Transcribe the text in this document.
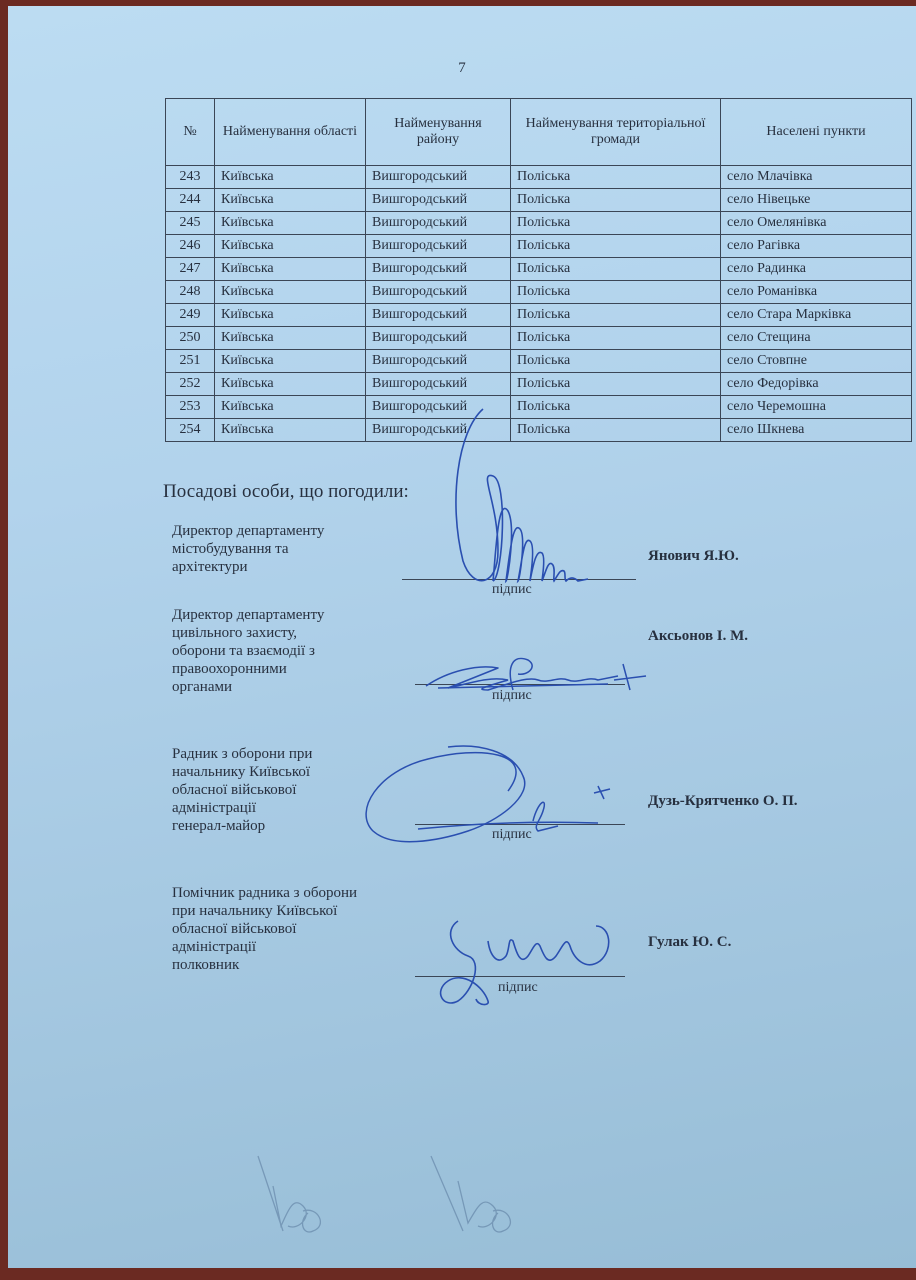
7
№	Найменування області	Найменування району	Найменування територіальної громади	Населені пункти
243	Київська	Вишгородський	Поліська	село Млачівка
244	Київська	Вишгородський	Поліська	село Нівецьке
245	Київська	Вишгородський	Поліська	село Омелянівка
246	Київська	Вишгородський	Поліська	село Рагівка
247	Київська	Вишгородський	Поліська	село Радинка
248	Київська	Вишгородський	Поліська	село Романівка
249	Київська	Вишгородський	Поліська	село Стара Марківка
250	Київська	Вишгородський	Поліська	село Стещина
251	Київська	Вишгородський	Поліська	село Стовпне
252	Київська	Вишгородський	Поліська	село Федорівка
253	Київська	Вишгородський	Поліська	село Черемошна
254	Київська	Вишгородський	Поліська	село Шкнева
Посадові особи, що погодили:
Директор департаменту
містобудування та
архітектури
підпис
Янович Я.Ю.
Директор департаменту
цивільного захисту,
оборони та взаємодії з
правоохоронними
органами
підпис
Аксьонов І. М.
Радник з оборони при
начальнику Київської
обласної військової
адміністрації
генерал-майор
підпис
Дузь-Крятченко О. П.
Помічник радника з оборони
при начальнику Київської
обласної військової
адміністрації
полковник
підпис
Гулак Ю. С.
